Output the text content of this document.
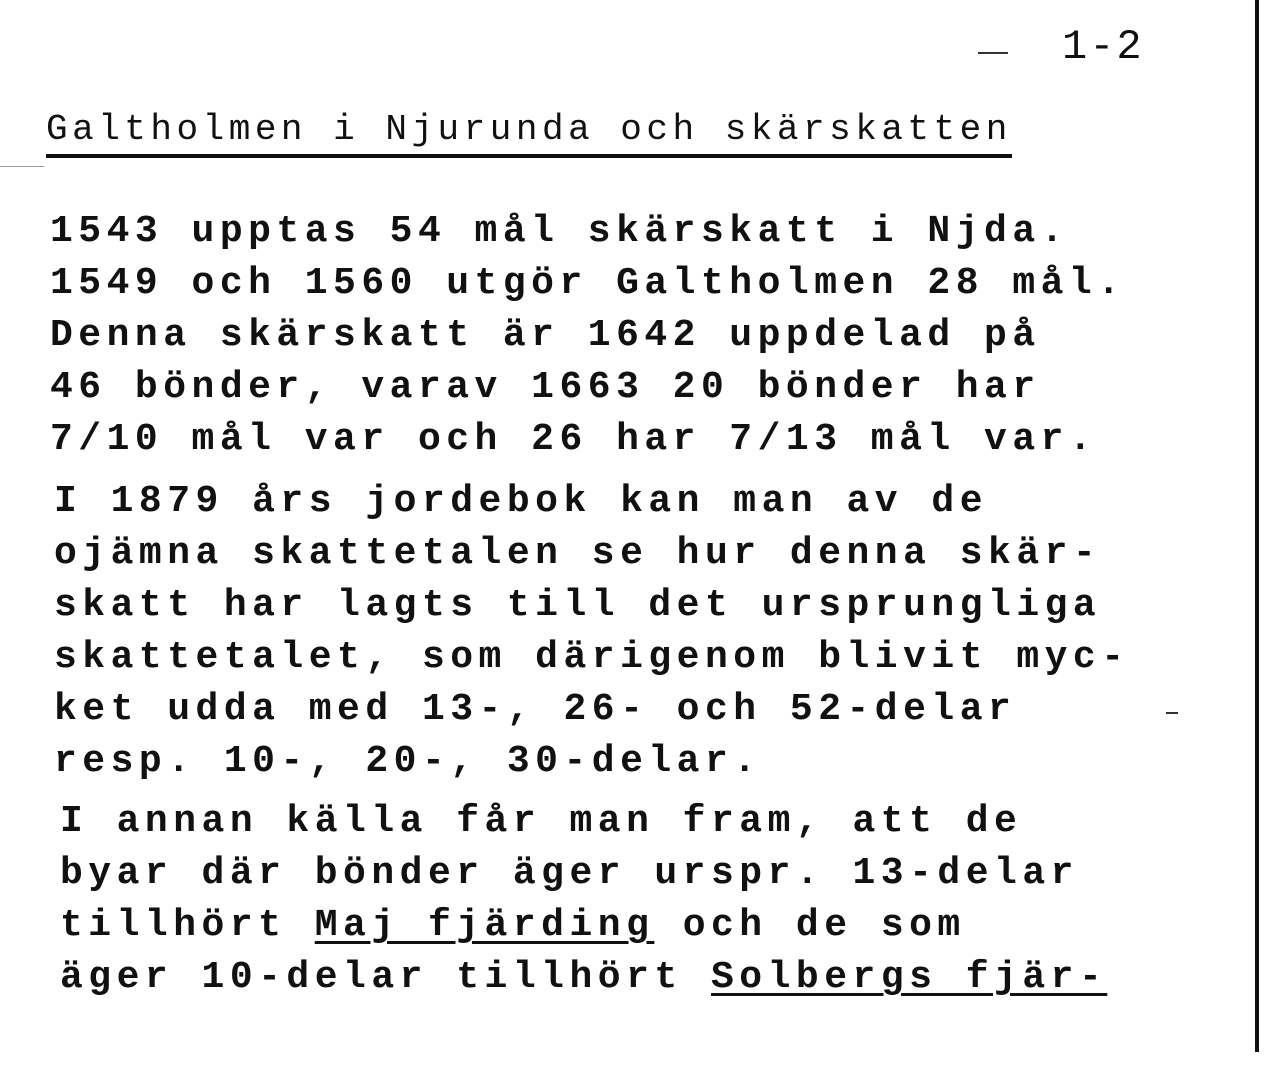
1-2
Galtholmen i Njurunda och skärskatten
1543 upptas 54 mål skärskatt i Njda.
1549 och 1560 utgör Galtholmen 28 mål.
Denna skärskatt är 1642 uppdelad på
46 bönder, varav 1663 20 bönder har
7/10 mål var och 26 har 7/13 mål var.
I 1879 års jordebok kan man av de
ojämna skattetalen se hur denna skär-
skatt har lagts till det ursprungliga
skattetalet, som därigenom blivit myc-
ket udda med 13-, 26- och 52-delar
resp. 10-, 20-, 30-delar.
I annan källa får man fram, att de
byar där bönder äger urspr. 13-delar
tillhört Maj fjärding och de som
äger 10-delar tillhört Solbergs fjär-
